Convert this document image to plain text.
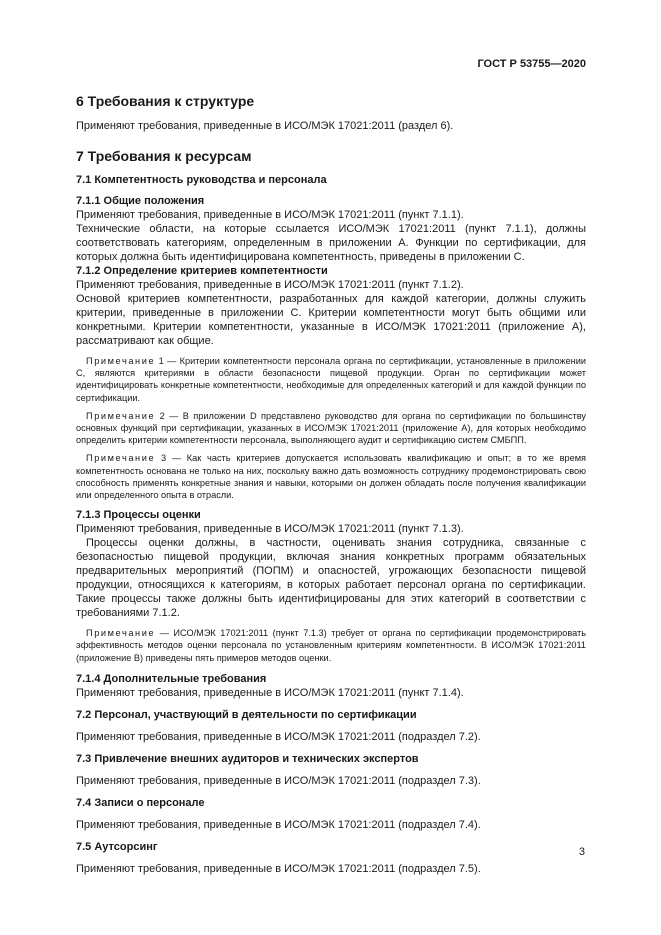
ГОСТ Р 53755—2020
6 Требования к структуре
Применяют требования, приведенные в ИСО/МЭК 17021:2011 (раздел 6).
7 Требования к ресурсам
7.1 Компетентность руководства и персонала
7.1.1 Общие положения
Применяют требования, приведенные в ИСО/МЭК 17021:2011 (пункт 7.1.1).
Технические области, на которые ссылается ИСО/МЭК 17021:2011 (пункт 7.1.1), должны соответствовать категориям, определенным в приложении А. Функции по сертификации, для которых должна быть идентифицирована компетентность, приведены в приложении С.
7.1.2 Определение критериев компетентности
Применяют требования, приведенные в ИСО/МЭК 17021:2011 (пункт 7.1.2).
Основой критериев компетентности, разработанных для каждой категории, должны служить критерии, приведенные в приложении С. Критерии компетентности могут быть общими или конкретными. Критерии компетентности, указанные в ИСО/МЭК 17021:2011 (приложение А), рассматривают как общие.
Примечание 1 — Критерии компетентности персонала органа по сертификации, установленные в приложении С, являются критериями в области безопасности пищевой продукции. Орган по сертификации может идентифицировать конкретные компетентности, необходимые для определенных категорий и для каждой функции по сертификации.
Примечание 2 — В приложении D представлено руководство для органа по сертификации по большинству основных функций при сертификации, указанных в ИСО/МЭК 17021:2011 (приложение А), для которых необходимо определить критерии компетентности персонала, выполняющего аудит и сертификацию систем СМБПП.
Примечание 3 — Как часть критериев допускается использовать квалификацию и опыт; в то же время компетентность основана не только на них, поскольку важно дать возможность сотруднику продемонстрировать свою способность применять конкретные знания и навыки, которыми он должен обладать после получения квалификации или определенного опыта в отрасли.
7.1.3 Процессы оценки
Применяют требования, приведенные в ИСО/МЭК 17021:2011 (пункт 7.1.3).
Процессы оценки должны, в частности, оценивать знания сотрудника, связанные с безопасностью пищевой продукции, включая знания конкретных программ обязательных предварительных мероприятий (ПОПМ) и опасностей, угрожающих безопасности пищевой продукции, относящихся к категориям, в которых работает персонал органа по сертификации. Такие процессы также должны быть идентифицированы для этих категорий в соответствии с требованиями 7.1.2.
Примечание — ИСО/МЭК 17021:2011 (пункт 7.1.3) требует от органа по сертификации продемонстрировать эффективность методов оценки персонала по установленным критериям компетентности. В ИСО/МЭК 17021:2011 (приложение В) приведены пять примеров методов оценки.
7.1.4 Дополнительные требования
Применяют требования, приведенные в ИСО/МЭК 17021:2011 (пункт 7.1.4).
7.2 Персонал, участвующий в деятельности по сертификации
Применяют требования, приведенные в ИСО/МЭК 17021:2011 (подраздел 7.2).
7.3 Привлечение внешних аудиторов и технических экспертов
Применяют требования, приведенные в ИСО/МЭК 17021:2011 (подраздел 7.3).
7.4 Записи о персонале
Применяют требования, приведенные в ИСО/МЭК 17021:2011 (подраздел 7.4).
7.5 Аутсорсинг
Применяют требования, приведенные в ИСО/МЭК 17021:2011 (подраздел 7.5).
3
